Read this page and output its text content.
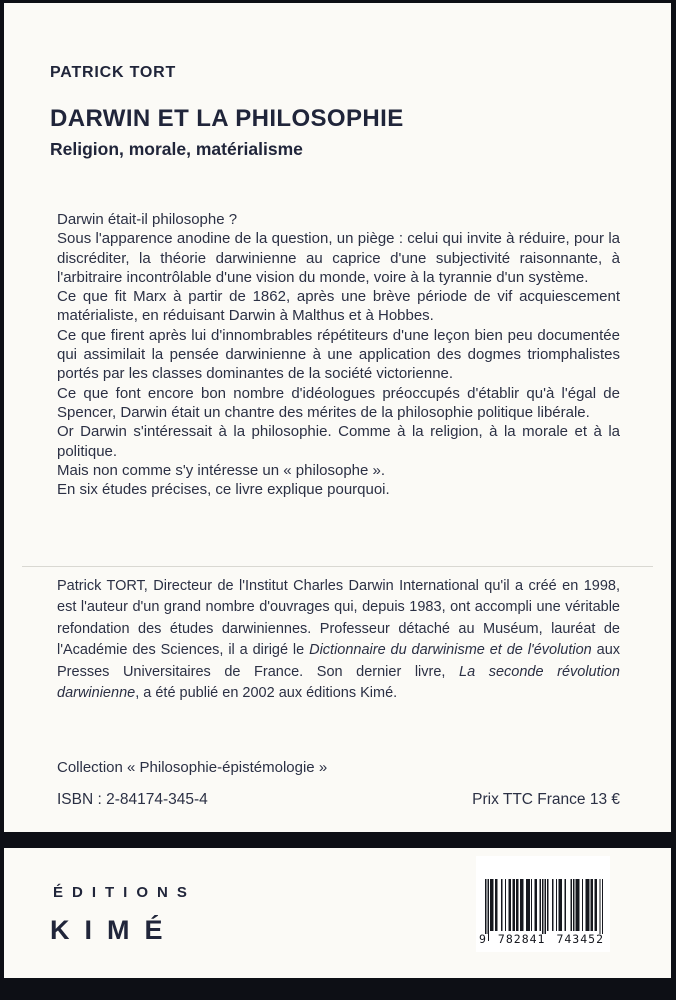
PATRICK TORT
DARWIN ET LA PHILOSOPHIE
Religion, morale, matérialisme

Darwin était-il philosophe ?

Sous l'apparence anodine de la question, un piège : celui qui invite à réduire, pour la discréditer, la théorie darwinienne au caprice d'une subjectivité raisonnante, à l'arbitraire incontrôlable d'une vision du monde, voire à la tyrannie d'un système.

Ce que fit Marx à partir de 1862, après une brève période de vif acquiescement matérialiste, en réduisant Darwin à Malthus et à Hobbes.

Ce que firent après lui d'innombrables répétiteurs d'une leçon bien peu documentée qui assimilait la pensée darwinienne à une application des dogmes triomphalistes portés par les classes dominantes de la société victorienne.

Ce que font encore bon nombre d'idéologues préoccupés d'établir qu'à l'égal de Spencer, Darwin était un chantre des mérites de la philosophie politique libérale.

Or Darwin s'intéressait à la philosophie. Comme à la religion, à la morale et à la politique.

Mais non comme s'y intéresse un « philosophe ».

En six études précises, ce livre explique pourquoi.

Patrick TORT, Directeur de l'Institut Charles Darwin International qu'il a créé en 1998, est l'auteur d'un grand nombre d'ouvrages qui, depuis 1983, ont accompli une véritable refondation des études darwiniennes. Professeur détaché au Muséum, lauréat de l'Académie des Sciences, il a dirigé le Dictionnaire du darwinisme et de l'évolution aux Presses Universitaires de France. Son dernier livre, La seconde révolution darwinienne, a été publié en 2002 aux éditions Kimé.

Collection « Philosophie-épistémologie »
ISBN : 2-84174-345-4	Prix TTC France 13 €
ÉDITIONS
KIMÉ	9 782841 743452
